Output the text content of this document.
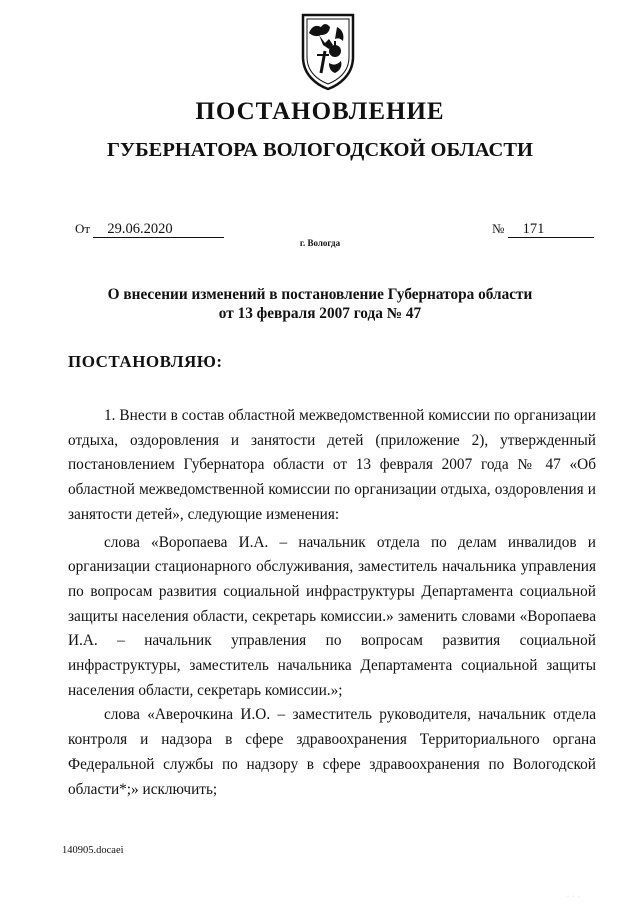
ПОСТАНОВЛЕНИЕ
ГУБЕРНАТОРА ВОЛОГОДСКОЙ ОБЛАСТИ
От 29.06.2020	№ 171
г. Вологда
О внесении изменений в постановление Губернатора области
от 13 февраля 2007 года № 47
ПОСТАНОВЛЯЮ:

1. Внести в состав областной межведомственной комиссии по организации отдыха, оздоровления и занятости детей (приложение 2), утвержденный постановлением Губернатора области от 13 февраля 2007 года № 47 «Об областной межведомственной комиссии по организации отдыха, оздоровления и занятости детей», следующие изменения:

слова «Воропаева И.А. – начальник отдела по делам инвалидов и организации стационарного обслуживания, заместитель начальника управления по вопросам развития социальной инфраструктуры Департамента социальной защиты населения области, секретарь комиссии.» заменить словами «Воропаева И.А. – начальник управления по вопросам развития социальной инфраструктуры, заместитель начальника Департамента социальной защиты населения области, секретарь комиссии.»;

слова «Аверочкина И.О. – заместитель руководителя, начальник отдела контроля и надзора в сфере здравоохранения Территориального органа Федеральной службы по надзору в сфере здравоохранения по Вологодской области*;» исключить;

140905.docaei
· · ·
